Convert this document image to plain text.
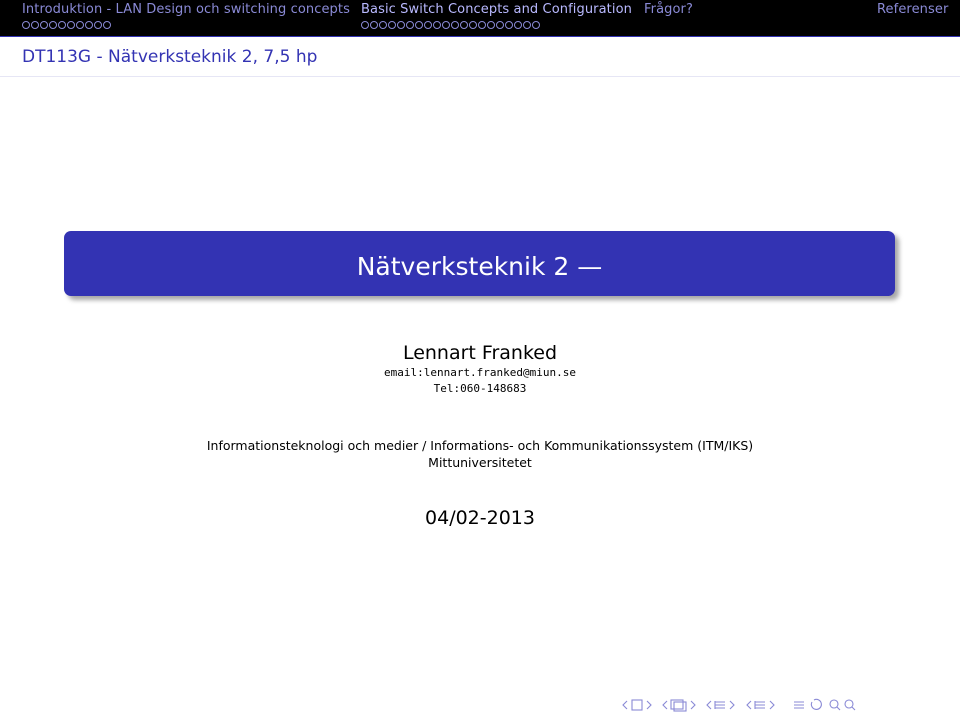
Introduktion - LAN Design och switching concepts Basic Switch Concepts and Configuration Frågor?	Referenser
DT113G - Nätverksteknik 2, 7,5 hp
Nätverksteknik 2 —
Lennart Franked
email:lennart.franked@miun.se
Tel:060-148683
Informationsteknologi och medier / Informations- och Kommunikationssystem (ITM/IKS)
Mittuniversitetet
04/02-2013
